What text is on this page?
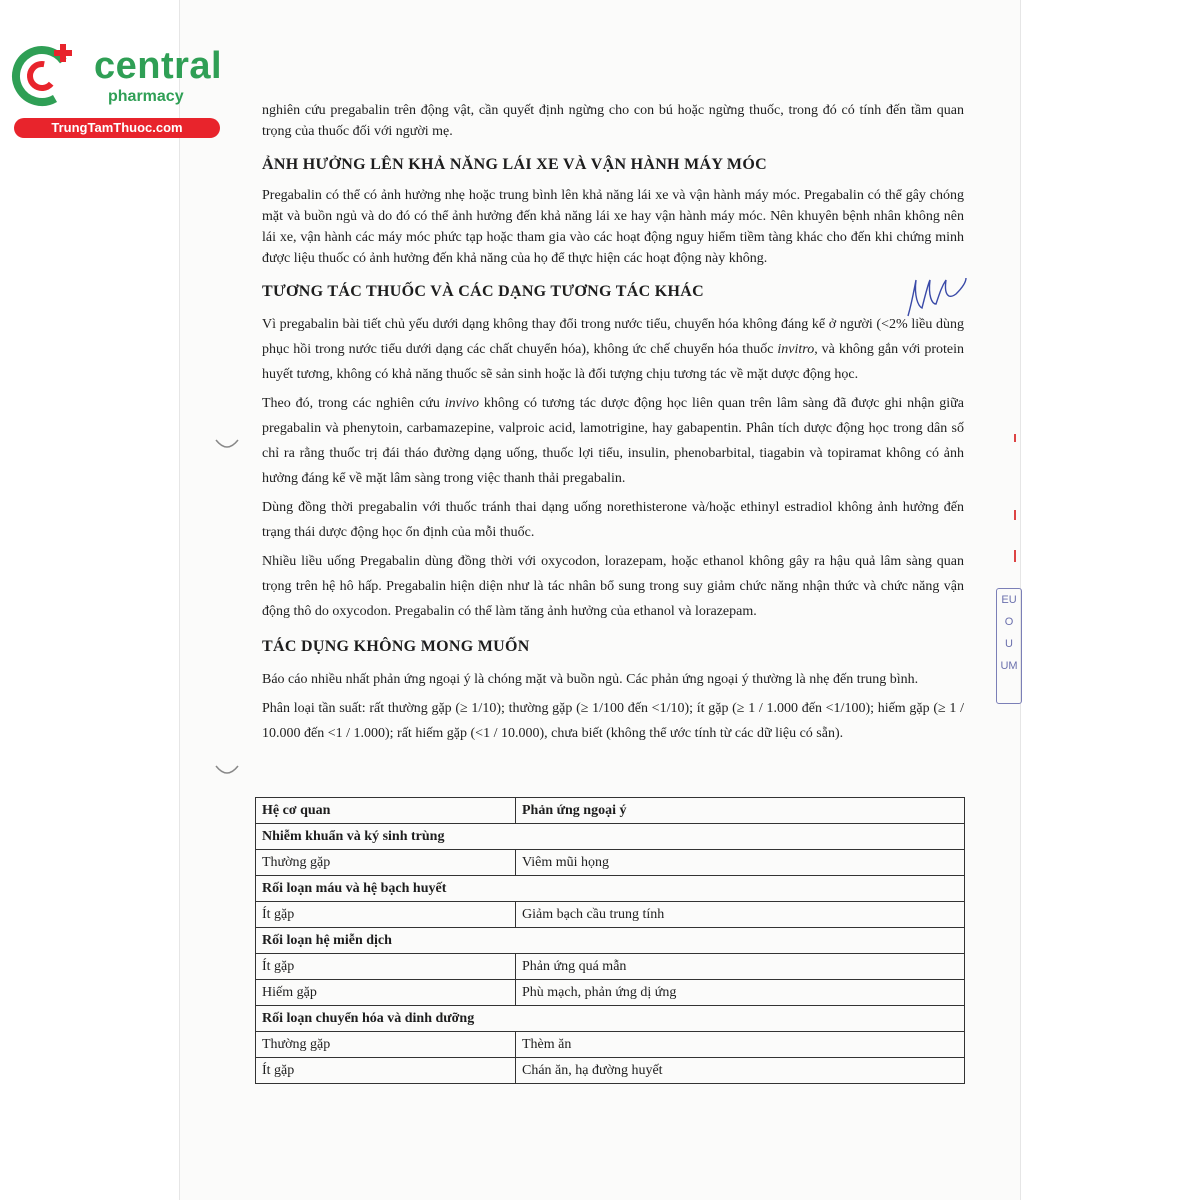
central
pharmacy
TrungTamThuoc.com
EU
O
U
UM

nghiên cứu pregabalin trên động vật, cần quyết định ngừng cho con bú hoặc ngừng thuốc, trong đó có tính đến tầm quan trọng của thuốc đối với người mẹ.

ẢNH HƯỞNG LÊN KHẢ NĂNG LÁI XE VÀ VẬN HÀNH MÁY MÓC

Pregabalin có thể có ảnh hưởng nhẹ hoặc trung bình lên khả năng lái xe và vận hành máy móc. Pregabalin có thể gây chóng mặt và buồn ngủ và do đó có thể ảnh hưởng đến khả năng lái xe hay vận hành máy móc. Nên khuyên bệnh nhân không nên lái xe, vận hành các máy móc phức tạp hoặc tham gia vào các hoạt động nguy hiểm tiềm tàng khác cho đến khi chứng minh được liệu thuốc có ảnh hưởng đến khả năng của họ để thực hiện các hoạt động này không.

TƯƠNG TÁC THUỐC VÀ CÁC DẠNG TƯƠNG TÁC KHÁC

Vì pregabalin bài tiết chủ yếu dưới dạng không thay đổi trong nước tiểu, chuyển hóa không đáng kể ở người (<2% liều dùng phục hồi trong nước tiểu dưới dạng các chất chuyển hóa), không ức chế chuyển hóa thuốc invitro, và không gắn với protein huyết tương, không có khả năng thuốc sẽ sản sinh hoặc là đối tượng chịu tương tác về mặt dược động học.

Theo đó, trong các nghiên cứu invivo không có tương tác dược động học liên quan trên lâm sàng đã được ghi nhận giữa pregabalin và phenytoin, carbamazepine, valproic acid, lamotrigine, hay gabapentin. Phân tích dược động học trong dân số chỉ ra rằng thuốc trị đái tháo đường dạng uống, thuốc lợi tiểu, insulin, phenobarbital, tiagabin và topiramat không có ảnh hưởng đáng kể về mặt lâm sàng trong việc thanh thải pregabalin.

Dùng đồng thời pregabalin với thuốc tránh thai dạng uống norethisterone và/hoặc ethinyl estradiol không ảnh hưởng đến trạng thái dược động học ổn định của mỗi thuốc.

Nhiều liều uống Pregabalin dùng đồng thời với oxycodon, lorazepam, hoặc ethanol không gây ra hậu quả lâm sàng quan trọng trên hệ hô hấp. Pregabalin hiện diện như là tác nhân bổ sung trong suy giảm chức năng nhận thức và chức năng vận động thô do oxycodon. Pregabalin có thể làm tăng ảnh hưởng của ethanol và lorazepam.

TÁC DỤNG KHÔNG MONG MUỐN

Báo cáo nhiều nhất phản ứng ngoại ý là chóng mặt và buồn ngủ. Các phản ứng ngoại ý thường là nhẹ đến trung bình.

Phân loại tần suất: rất thường gặp (≥ 1/10); thường gặp (≥ 1/100 đến <1/10); ít gặp (≥ 1 / 1.000 đến <1/100); hiếm gặp (≥ 1 / 10.000 đến <1 / 1.000); rất hiếm gặp (<1 / 10.000), chưa biết (không thể ước tính từ các dữ liệu có sẵn).

Hệ cơ quan	Phản ứng ngoại ý
Nhiễm khuẩn và ký sinh trùng	
Thường gặp	Viêm mũi họng
Rối loạn máu và hệ bạch huyết	
Ít gặp	Giảm bạch cầu trung tính
Rối loạn hệ miễn dịch	
Ít gặp	Phản ứng quá mẫn
Hiếm gặp	Phù mạch, phản ứng dị ứng
Rối loạn chuyển hóa và dinh dưỡng	
Thường gặp	Thèm ăn
Ít gặp	Chán ăn, hạ đường huyết
